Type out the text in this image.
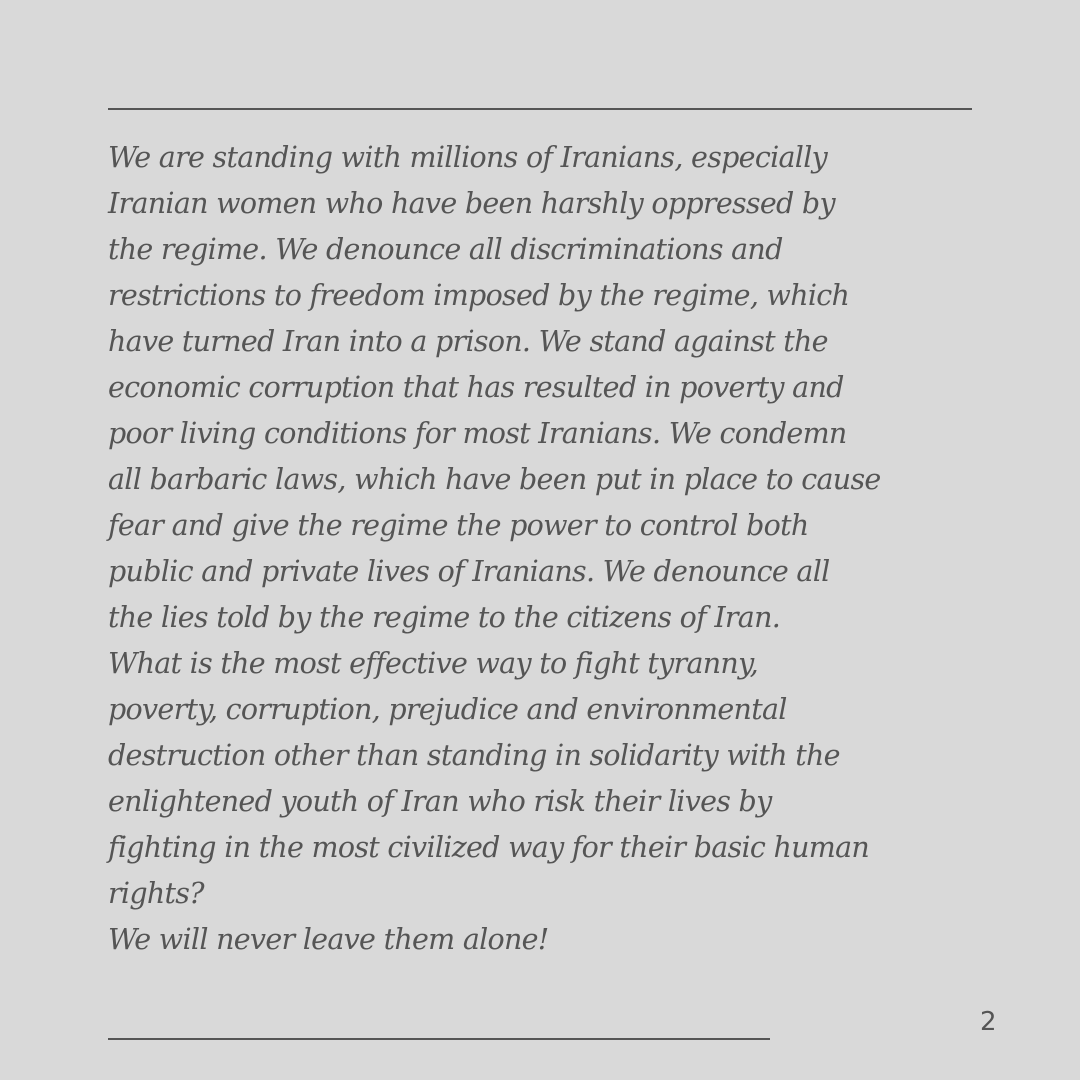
We are standing with millions of Iranians, especially
Iranian women who have been harshly oppressed by
the regime. We denounce all discriminations and
restrictions to freedom imposed by the regime, which
have turned Iran into a prison. We stand against the
economic corruption that has resulted in poverty and
poor living conditions for most Iranians. We condemn
all barbaric laws, which have been put in place to cause
fear and give the regime the power to control both
public and private lives of Iranians. We denounce all
the lies told by the regime to the citizens of Iran.
What is the most effective way to fight tyranny,
poverty, corruption, prejudice and environmental
destruction other than standing in solidarity with the
enlightened youth of Iran who risk their lives by
fighting in the most civilized way for their basic human
rights?
We will never leave them alone!

2
